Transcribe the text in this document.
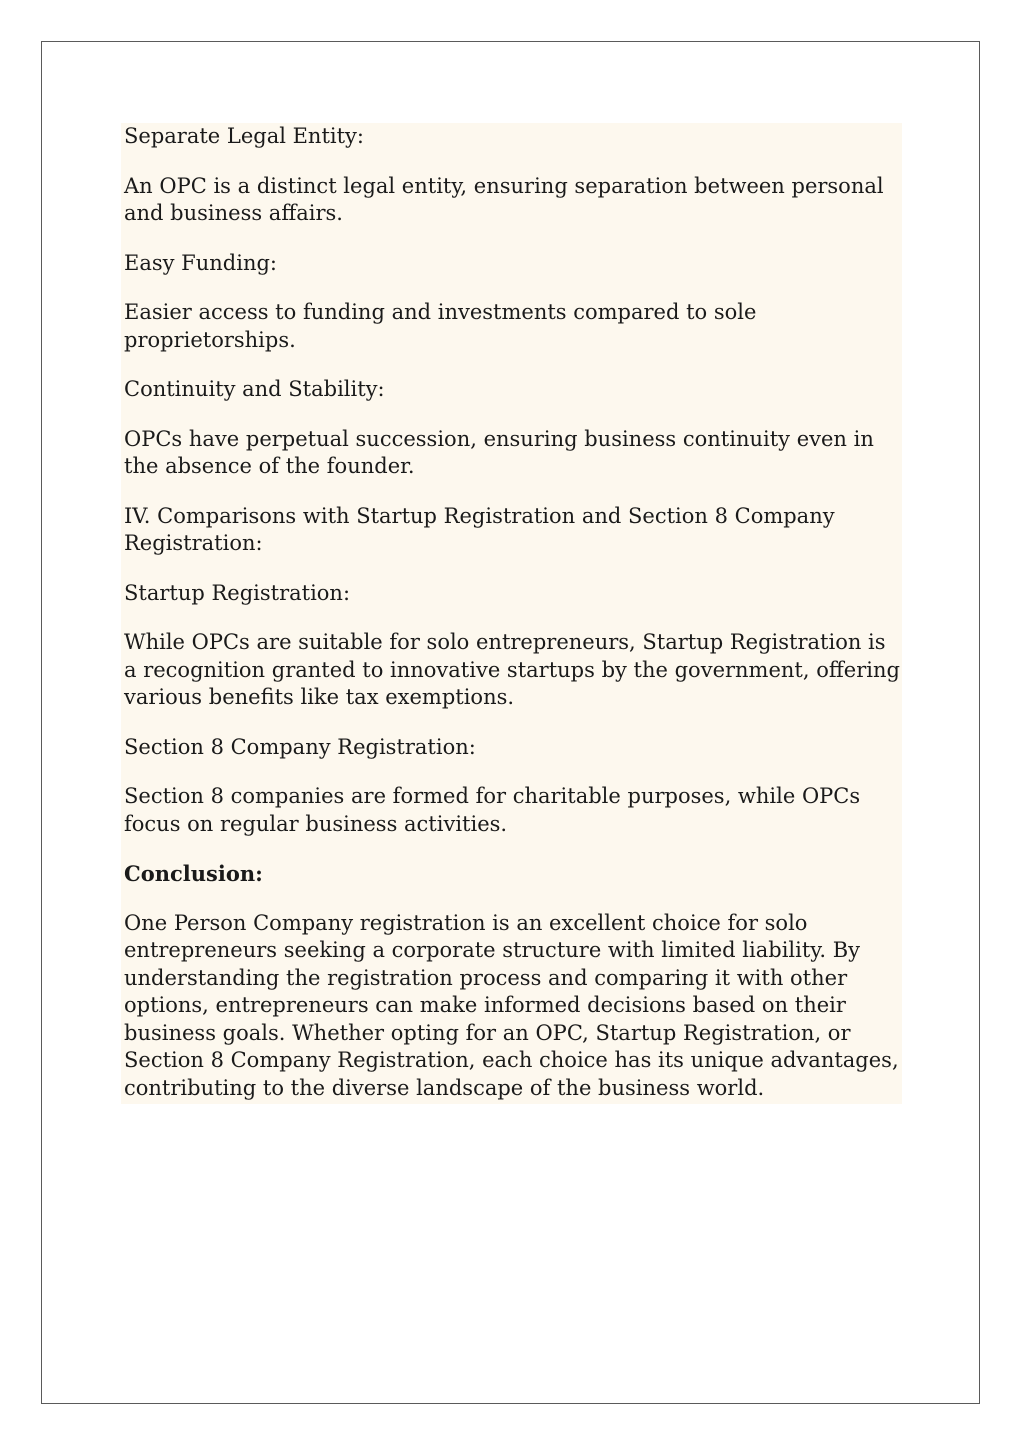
Separate Legal Entity:

An OPC is a distinct legal entity, ensuring separation between personal and business affairs.

Easy Funding:

Easier access to funding and investments compared to sole proprietorships.

Continuity and Stability:

OPCs have perpetual succession, ensuring business continuity even in the absence of the founder.

IV. Comparisons with Startup Registration and Section 8 Company Registration:

Startup Registration:

While OPCs are suitable for solo entrepreneurs, Startup Registration is a recognition granted to innovative startups by the government, offering various benefits like tax exemptions.

Section 8 Company Registration:

Section 8 companies are formed for charitable purposes, while OPCs focus on regular business activities.

Conclusion:

One Person Company registration is an excellent choice for solo entrepreneurs seeking a corporate structure with limited liability. By understanding the registration process and comparing it with other options, entrepreneurs can make informed decisions based on their business goals. Whether opting for an OPC, Startup Registration, or Section 8 Company Registration, each choice has its unique advantages, contributing to the diverse landscape of the business world.
